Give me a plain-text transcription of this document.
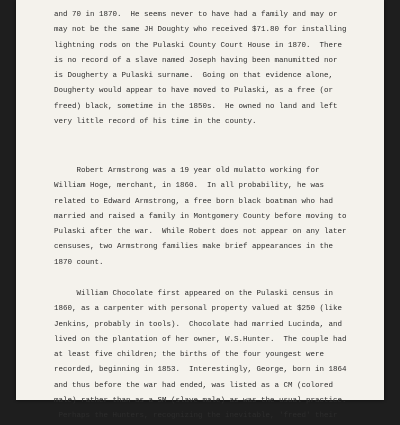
and 70 in 1870.  He seems never to have had a family and may or
may not be the same JH Doughty who received $71.80 for installing
lightning rods on the Pulaski County Court House in 1870.  There
is no record of a slave named Joseph having been manumitted nor
is Dougherty a Pulaski surname.  Going on that evidence alone,
Dougherty would appear to have moved to Pulaski, as a free (or
freed) black, sometime in the 1850s.  He owned no land and left
very little record of his time in the county.
Robert Armstrong was a 19 year old mulatto working for
William Hoge, merchant, in 1860.  In all probability, he was
related to Edward Armstrong, a free born black boatman who had
married and raised a family in Montgomery County before moving to
Pulaski after the war.  While Robert does not appear on any later
censuses, two Armstrong families make brief appearances in the
1870 count.
William Chocolate first appeared on the Pulaski census in
1860, as a carpenter with personal property valued at $250 (like
Jenkins, probably in tools).  Chocolate had married Lucinda, and
lived on the plantation of her owner, W.S.Hunter.  The couple had
at least five children; the births of the four youngest were
recorded, beginning in 1853.  Interestingly, George, born in 1864
and thus before the war had ended, was listed as a CM (colored
male) rather than as a SM (slave male) as was the usual practice.
Perhaps the Hunters, recognizing the inevitable, 'freed' their
